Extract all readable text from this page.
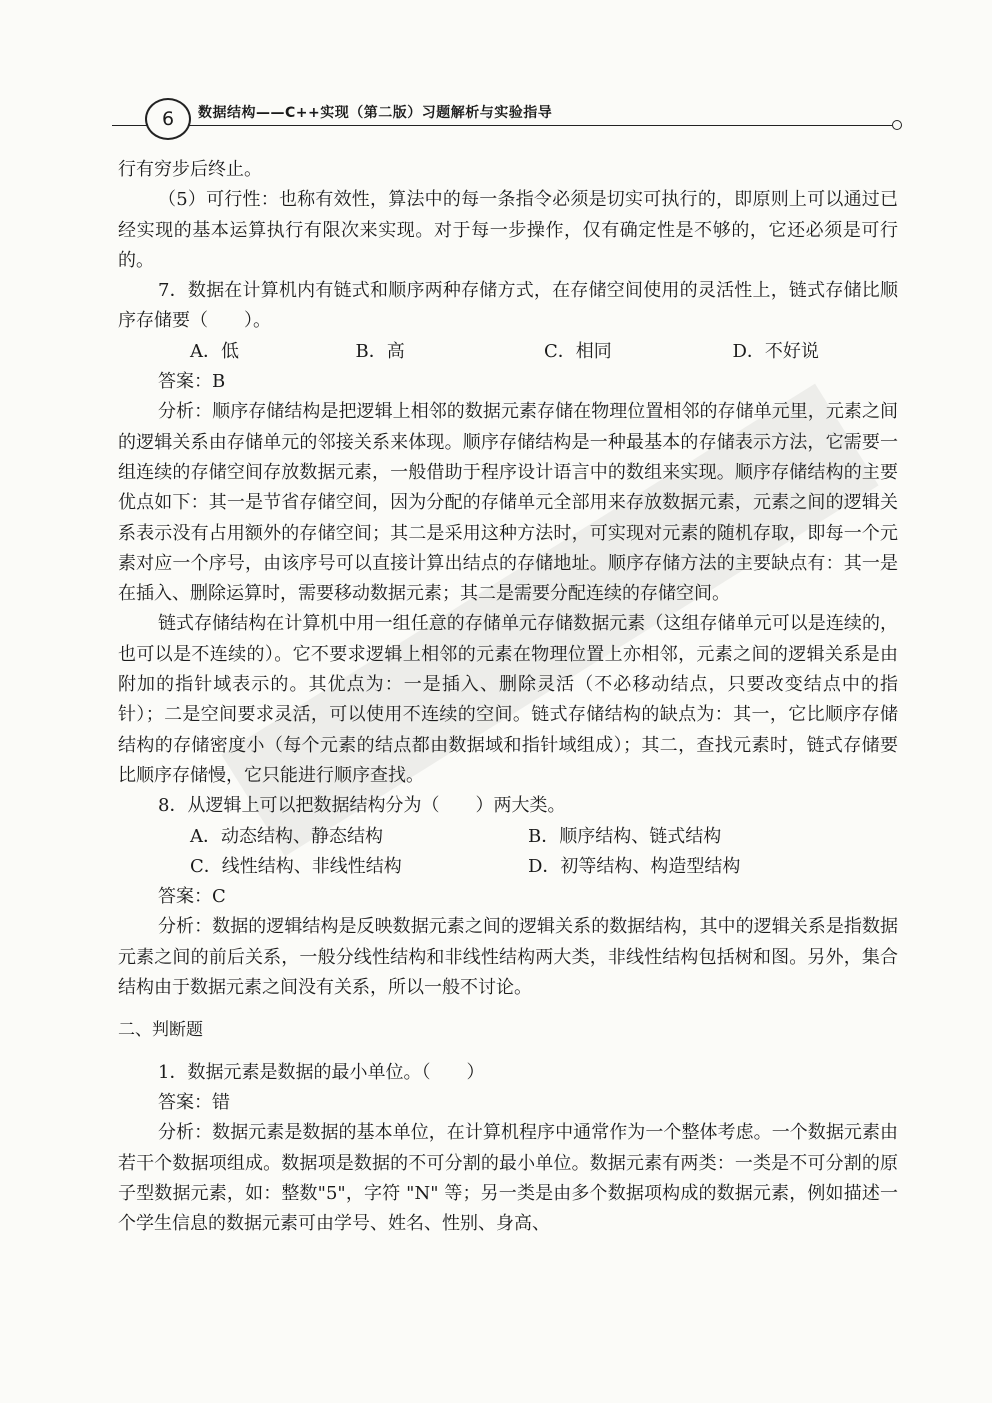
6	数据结构——C++实现（第二版）习题解析与实验指导

行有穷步后终止。

（5）可行性：也称有效性，算法中的每一条指令必须是切实可执行的，即原则上可以通过已经实现的基本运算执行有限次来实现。对于每一步操作，仅有确定性是不够的，它还必须是可行的。

7．数据在计算机内有链式和顺序两种存储方式，在存储空间使用的灵活性上，链式存储比顺序存储要（　　）。

A．低	B．高	C．相同	D．不好说

答案：B

分析：顺序存储结构是把逻辑上相邻的数据元素存储在物理位置相邻的存储单元里，元素之间的逻辑关系由存储单元的邻接关系来体现。顺序存储结构是一种最基本的存储表示方法，它需要一组连续的存储空间存放数据元素，一般借助于程序设计语言中的数组来实现。顺序存储结构的主要优点如下：其一是节省存储空间，因为分配的存储单元全部用来存放数据元素，元素之间的逻辑关系表示没有占用额外的存储空间；其二是采用这种方法时，可实现对元素的随机存取，即每一个元素对应一个序号，由该序号可以直接计算出结点的存储地址。顺序存储方法的主要缺点有：其一是在插入、删除运算时，需要移动数据元素；其二是需要分配连续的存储空间。

链式存储结构在计算机中用一组任意的存储单元存储数据元素（这组存储单元可以是连续的，也可以是不连续的）。它不要求逻辑上相邻的元素在物理位置上亦相邻，元素之间的逻辑关系是由附加的指针域表示的。其优点为：一是插入、删除灵活（不必移动结点，只要改变结点中的指针）；二是空间要求灵活，可以使用不连续的空间。链式存储结构的缺点为：其一，它比顺序存储结构的存储密度小（每个元素的结点都由数据域和指针域组成）；其二，查找元素时，链式存储要比顺序存储慢，它只能进行顺序查找。

8．从逻辑上可以把数据结构分为（　　）两大类。

A．动态结构、静态结构	B．顺序结构、链式结构
C．线性结构、非线性结构	D．初等结构、构造型结构

答案：C

分析：数据的逻辑结构是反映数据元素之间的逻辑关系的数据结构，其中的逻辑关系是指数据元素之间的前后关系，一般分线性结构和非线性结构两大类，非线性结构包括树和图。另外，集合结构由于数据元素之间没有关系，所以一般不讨论。

二、判断题

1．数据元素是数据的最小单位。（　　）

答案：错

分析：数据元素是数据的基本单位，在计算机程序中通常作为一个整体考虑。一个数据元素由若干个数据项组成。数据项是数据的不可分割的最小单位。数据元素有两类：一类是不可分割的原子型数据元素，如：整数"5"，字符 "N" 等；另一类是由多个数据项构成的数据元素，例如描述一个学生信息的数据元素可由学号、姓名、性别、身高、
